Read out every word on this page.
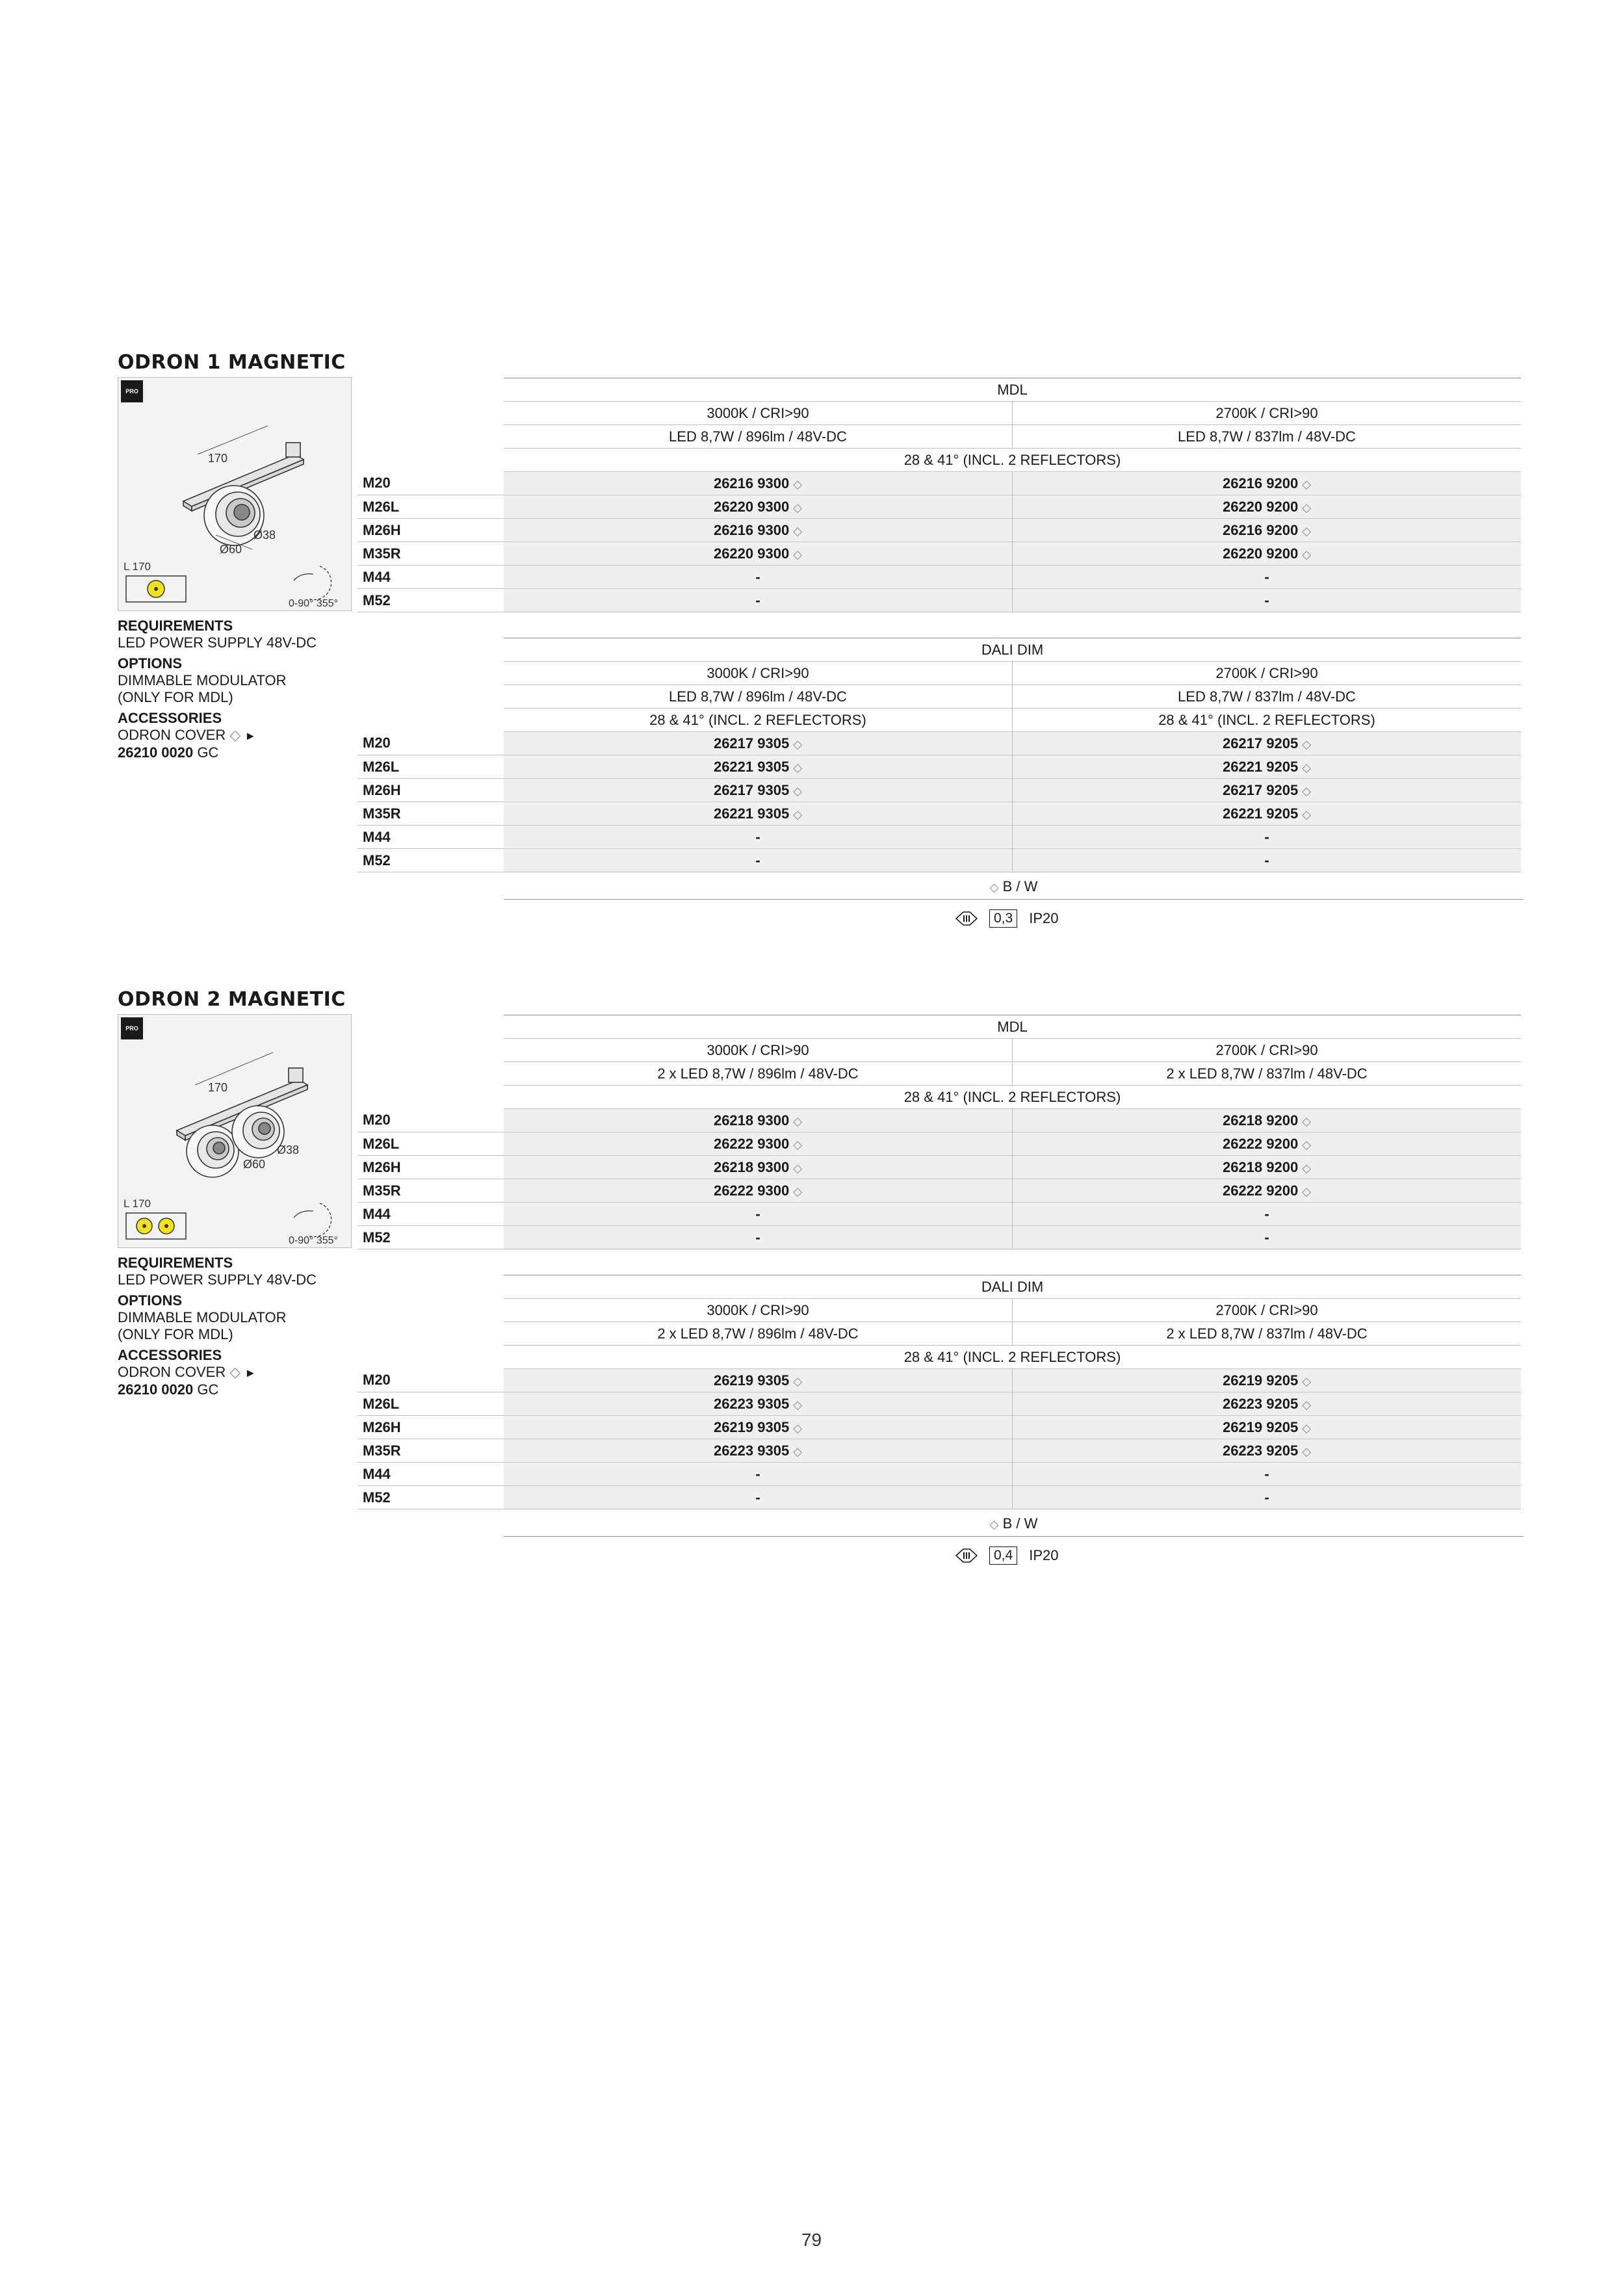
ODRON 1 MAGNETIC
PRO
170
Ø38
Ø60
L 170
0-90° 355°
REQUIREMENTS
LED POWER SUPPLY 48V-DC
OPTIONS
DIMMABLE MODULATOR
(ONLY FOR MDL)
ACCESSORIES
ODRON COVER ◇ ►
26210 0020 GC
	MDL	
	3000K / CRI>90	2700K / CRI>90
	LED 8,7W / 896lm / 48V-DC	LED 8,7W / 837lm / 48V-DC
	28 & 41° (INCL. 2 REFLECTORS)	
M20	26216 9300 ◇	26216 9200 ◇
M26L	26220 9300 ◇	26220 9200 ◇
M26H	26216 9300 ◇	26216 9200 ◇
M35R	26220 9300 ◇	26220 9200 ◇
M44	-	-
M52	-	-
	DALI DIM	
	3000K / CRI>90	2700K / CRI>90
	LED 8,7W / 896lm / 48V-DC	LED 8,7W / 837lm / 48V-DC
	28 & 41° (INCL. 2 REFLECTORS)	28 & 41° (INCL. 2 REFLECTORS)
M20	26217 9305 ◇	26217 9205 ◇
M26L	26221 9305 ◇	26221 9205 ◇
M26H	26217 9305 ◇	26217 9205 ◇
M35R	26221 9305 ◇	26221 9205 ◇
M44	-	-
M52	-	-
◇ B / W
0,3	IP20
ODRON 2 MAGNETIC
PRO
170
Ø38
Ø60
L 170
0-90° 355°
REQUIREMENTS
LED POWER SUPPLY 48V-DC
OPTIONS
DIMMABLE MODULATOR
(ONLY FOR MDL)
ACCESSORIES
ODRON COVER ◇ ►
26210 0020 GC
	MDL	
	3000K / CRI>90	2700K / CRI>90
	2 x LED 8,7W / 896lm / 48V-DC	2 x LED 8,7W / 837lm / 48V-DC
	28 & 41° (INCL. 2 REFLECTORS)	
M20	26218 9300 ◇	26218 9200 ◇
M26L	26222 9300 ◇	26222 9200 ◇
M26H	26218 9300 ◇	26218 9200 ◇
M35R	26222 9300 ◇	26222 9200 ◇
M44	-	-
M52	-	-
	DALI DIM	
	3000K / CRI>90	2700K / CRI>90
	2 x LED 8,7W / 896lm / 48V-DC	2 x LED 8,7W / 837lm / 48V-DC
	28 & 41° (INCL. 2 REFLECTORS)	
M20	26219 9305 ◇	26219 9205 ◇
M26L	26223 9305 ◇	26223 9205 ◇
M26H	26219 9305 ◇	26219 9205 ◇
M35R	26223 9305 ◇	26223 9205 ◇
M44	-	-
M52	-	-
◇ B / W
0,4	IP20
79
